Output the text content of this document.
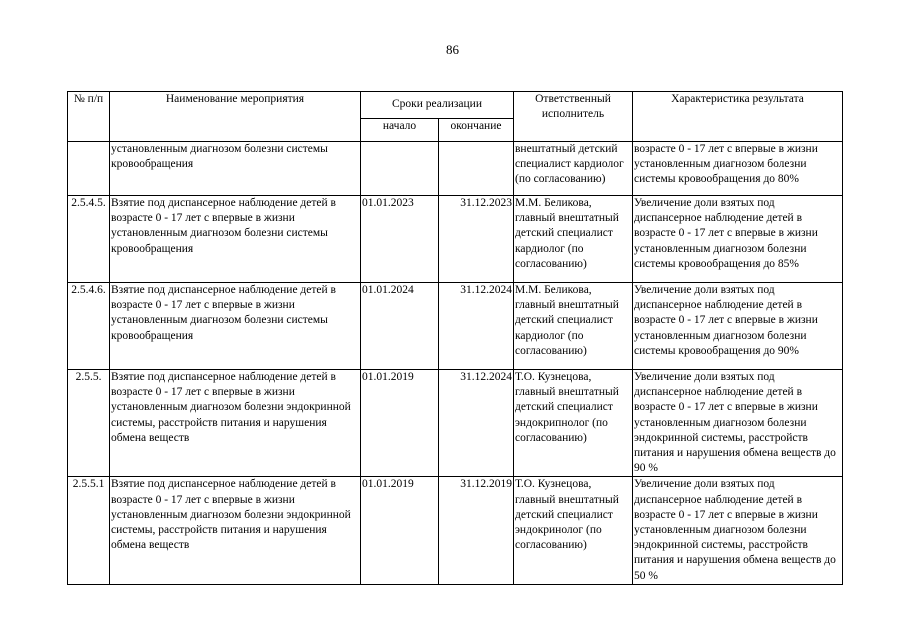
86
№ п/п	Наименование мероприятия	Сроки реализации		Ответственный исполнитель	Характеристика результата
		начало	окончание		
	установленным диагнозом болезни системы кровообращения			внештатный детский специалист кардиолог (по согласованию)	возрасте 0 - 17 лет с впервые в жизни установленным диагнозом болезни системы кровообращения до 80%
2.5.4.5.	Взятие под диспансерное наблюдение детей в возрасте 0 - 17 лет с впервые в жизни установленным диагнозом болезни системы кровообращения	01.01.2023	31.12.2023	М.М. Беликова, главный внештатный детский специалист кардиолог (по согласованию)	Увеличение доли взятых под диспансерное наблюдение детей в возрасте 0 - 17 лет с впервые в жизни установленным диагнозом болезни системы кровообращения до 85%
2.5.4.6.	Взятие под диспансерное наблюдение детей в возрасте 0 - 17 лет с впервые в жизни установленным диагнозом болезни системы кровообращения	01.01.2024	31.12.2024	М.М. Беликова, главный внештатный детский специалист кардиолог (по согласованию)	Увеличение доли взятых под диспансерное наблюдение детей в возрасте 0 - 17 лет с впервые в жизни установленным диагнозом болезни системы кровообращения до 90%
2.5.5.	Взятие под диспансерное наблюдение детей в возрасте 0 - 17 лет с впервые в жизни установленным диагнозом болезни эндокринной системы, расстройств питания и нарушения обмена веществ	01.01.2019	31.12.2024	Т.О. Кузнецова, главный внештатный детский специалист эндокрипнолог (по согласованию)	Увеличение доли взятых под диспансерное наблюдение детей в возрасте 0 - 17 лет с впервые в жизни установленным диагнозом болезни эндокринной системы, расстройств питания и нарушения обмена веществ до 90 %
2.5.5.1	Взятие под диспансерное наблюдение детей в возрасте 0 - 17 лет с впервые в жизни установленным диагнозом болезни эндокринной системы, расстройств питания и нарушения обмена веществ	01.01.2019	31.12.2019	Т.О. Кузнецова, главный внештатный детский специалист эндокринолог (по согласованию)	Увеличение доли взятых под диспансерное наблюдение детей в возрасте 0 - 17 лет с впервые в жизни установленным диагнозом болезни эндокринной системы, расстройств питания и нарушения обмена веществ до 50 %
